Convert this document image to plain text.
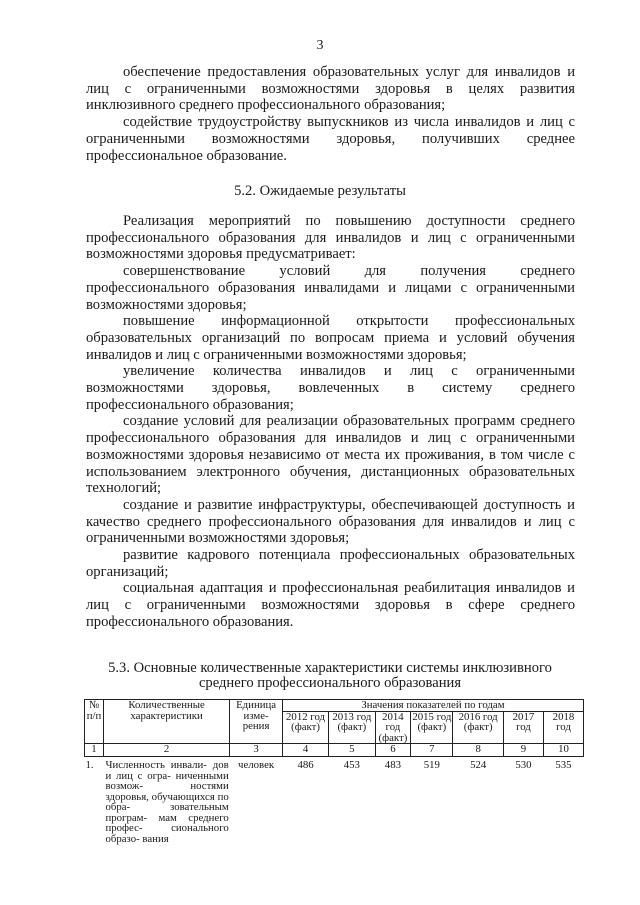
3

обеспечение предоставления образовательных услуг для инвалидов и лиц с ограниченными возможностями здоровья в целях развития инклюзивного среднего профессионального образования;

содействие трудоустройству выпускников из числа инвалидов и лиц с ограниченными возможностями здоровья, получивших среднее профессиональное образование.

5.2. Ожидаемые результаты

Реализация мероприятий по повышению доступности среднего профессионального образования для инвалидов и лиц с ограниченными возможностями здоровья предусматривает:

совершенствование условий для получения среднего профессионального образования инвалидами и лицами с ограниченными возможностями здоровья;

повышение информационной открытости профессиональных образовательных организаций по вопросам приема и условий обучения инвалидов и лиц с ограниченными возможностями здоровья;

увеличение количества инвалидов и лиц с ограниченными возможностями здоровья, вовлеченных в систему среднего профессионального образования;

создание условий для реализации образовательных программ среднего профессионального образования для инвалидов и лиц с ограниченными возможностями здоровья независимо от места их проживания, в том числе с использованием электронного обучения, дистанционных образовательных технологий;

создание и развитие инфраструктуры, обеспечивающей доступность и качество среднего профессионального образования для инвалидов и лиц с ограниченными возможностями здоровья;

развитие кадрового потенциала профессиональных образовательных организаций;

социальная адаптация и профессиональная реабилитация инвалидов и лиц с ограниченными возможностями здоровья в сфере среднего профессионального образования.

5.3. Основные количественные характеристики системы инклюзивного
среднего профессионального образования
№ п/п	Количественные характеристики	Единица изме- рения	Значения показателей по годам						
			2012 год (факт)	2013 год (факт)	2014 год (факт)	2015 год (факт)	2016 год (факт)	2017 год	2018 год
1	2	3	4	5	6	7	8	9	10
1.	Численность инвали- дов и лиц с огра- ниченными возмож- ностями здоровья, обучающихся по обра- зовательным програм- мам среднего профес- сионального образо- вания	человек	486	453	483	519	524	530	535
